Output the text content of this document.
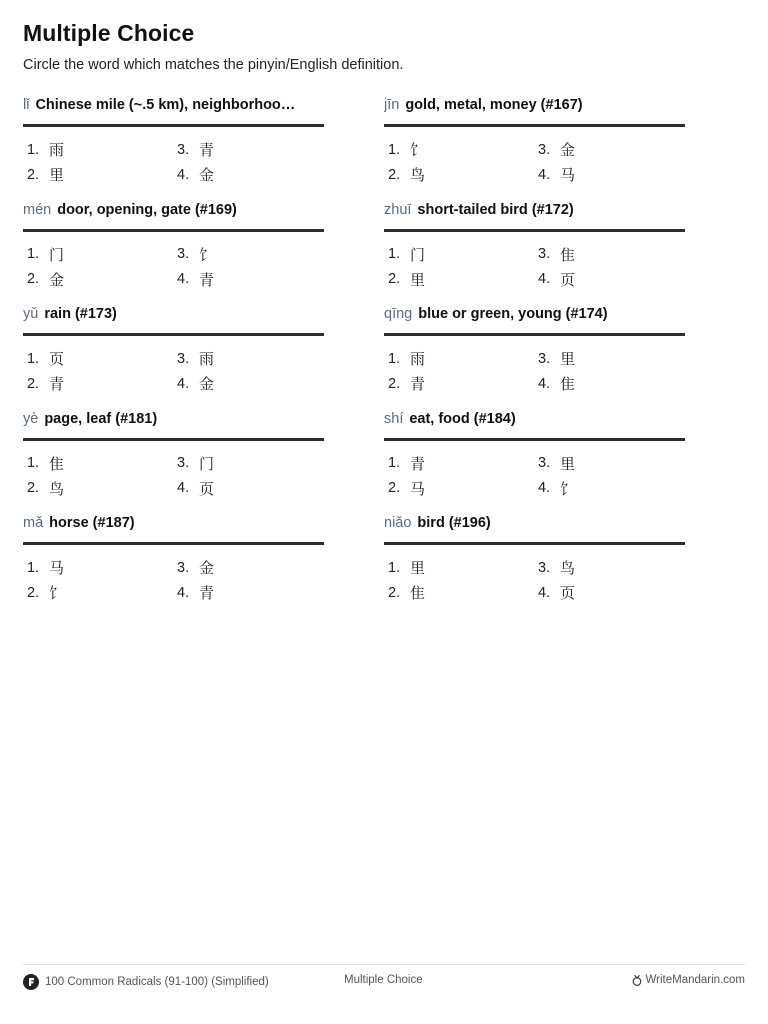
Multiple Choice
Circle the word which matches the pinyin/English definition.
lǐ Chinese mile (~.5 km), neighborhoo…
1. 雨
2. 里
3. 青
4. 金
jīn gold, metal, money (#167)
1. 饣
2. 鸟
3. 金
4. 马
mén door, opening, gate (#169)
1. 门
2. 金
3. 饣
4. 青
zhuī short-tailed bird (#172)
1. 门
2. 里
3. 隹
4. 页
yǔ rain (#173)
1. 页
2. 青
3. 雨
4. 金
qīng blue or green, young (#174)
1. 雨
2. 青
3. 里
4. 隹
yè page, leaf (#181)
1. 隹
2. 鸟
3. 门
4. 页
shí eat, food (#184)
1. 青
2. 马
3. 里
4. 饣
mǎ horse (#187)
1. 马
2. 饣
3. 金
4. 青
niǎo bird (#196)
1. 里
2. 隹
3. 鸟
4. 页
100 Common Radicals (91-100) (Simplified)	Multiple Choice	WriteMandarin.com
